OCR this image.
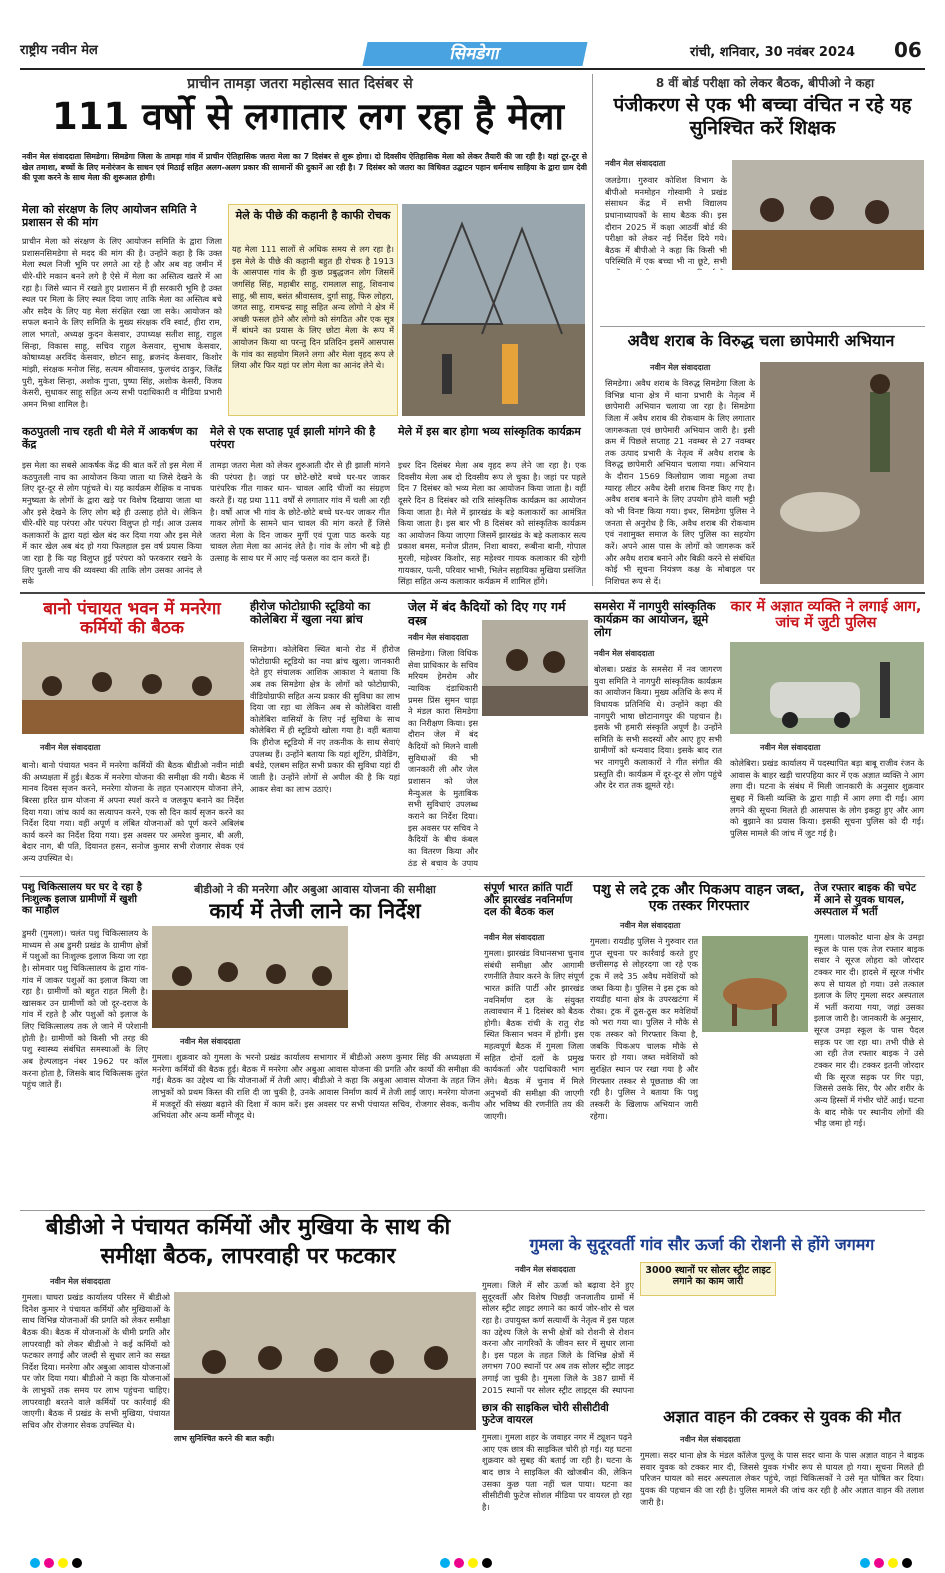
राष्ट्रीय नवीन मेल	सिमडेगा	रांची, शनिवार, 30 नवंबर 2024 06
प्राचीन तामड़ा जतरा महोत्सव सात दिसंबर से
111 वर्षो से लगातार लग रहा है मेला
नवीन मेल संवाददाता सिमडेगा। सिमडेगा जिला के तामड़ा गांव में प्राचीन ऐतिहासिक जतरा मेला का 7 दिसंबर से शुरू होगा। दो दिवसीय ऐतिहासिक मेला को लेकर तैयारी की जा रही है। यहां टूर-टूर से खेल तमाशा, बच्चों के लिए मनोरंजन के साधन एवं मिठाई सहित अलग-अलग प्रकार की सामानों की दुकानें आ रही है। 7 दिसंबर को जतरा का विधिवत उद्घाटन पहान धर्मनाथ साहिया के द्वारा ग्राम देवी की पूजा करने के साथ मेला की शुरूआत होगी।
मेला को संरक्षण के लिए आयोजन समिति ने प्रशासन से की मांग
प्राचीन मेला को संरक्षण के लिए आयोजन समिति के द्वारा जिला प्रशासनसिमडेगा से मदद की मांग की है। उन्होंने कहा है कि उक्त मेला स्थल निजी भूमि पर लगते आ रहे है और अब वह जमीन में धीरे-धीरे मकान बनने लगे है ऐसे में मेला का अस्तित्व खतरे में आ रहा है। जिसे ध्यान में रखते हुए प्रशासन में ही सरकारी भूमि है उक्त स्थल पर मिला के लिए स्थल दिया जाए ताकि मेला का अस्तित्व बचे और सदैव के लिए यह मेला संरक्षित रखा जा सके। आयोजन को सफल बनाने के लिए समिति के मुख्य संरक्षक रवि स्वार्ट, हीरा राम, लाल भगतो, अध्यक्ष कुदन केसवार, उपाध्यक्ष सतीश साहू, राहुल सिन्हा, विकास साहू, सचिव राहुल केसवार, सुभाष केसवार, कोषाध्यक्ष अरविंद केसवार, छोटन साहू, ब्रजनंद केसवार, किशोर मांझी, संरक्षक मनोज सिंह, सत्यम श्रीवास्तव, फुलचंद ठाकुर, जितेंद्र पुरी, मुकेश सिन्हा, अशोक गुप्ता, पुष्पा सिंह, अशोक केसरी, विजय केसरी, सुधाकर साहू सहित अन्य सभी पदाधिकारी व मीडिया प्रभारी अमन मिश्रा शामिल है।
मेले के पीछे की कहानी है काफी रोचक
यह मेला 111 सालों से अधिक समय से लग रहा है। इस मेले के पीछे की कहानी बहुत ही रोचक है 1913 के आसपास गांव के ही कुछ प्रबुद्धजन लोग जिसमें जगसिंह सिंह, महाबीर साहू, रामलाल साहू, शिवनाथ साहू, श्री साय, बसंत श्रीवास्तव, दुर्गा साहू, फिरु लोहरा, जगत साहू, रामचन्द्र साहू सहित अन्य लोगो ने क्षेत्र में अच्छी फसल होने और लोगो को संगठित और एक सूत्र में बांधने का प्रयास के लिए छोटा मेला के रूप में आयोजन किया था परन्तु दिन प्रतिदिन इसमें आसपास के गांव का सहयोग मिलने लगा और मेला वृहद रूप ले लिया और फिर यहां पर लोग मेला का आनंद लेने थे।
कठपुतली नाच रहती थी मेले में आकर्षण का केंद्र
इस मेला का सबसे आकर्षक केंद्र की बात करें तो इस मेला में कठपुतली नाच का आयोजन किया जाता था जिसे देखने के लिए दूर-दूर से लोग पहुंचते थे। यह कार्यक्रम शैक्षिक व नाचक मनुष्यता के लोगों के द्वारा खड़े पर विशेष दिखाया जाता था और इसे देखने के लिए लोग बड़े ही उत्साह होते थे। लेकिन धीरे-धीरे यह परंपरा और परंपरा विलुप्त हो गई। आज उत्सव कलाकारों के द्वारा यहां खेल बंद कर दिया गया और इस मेले में कार खेल अब बंद हो गया फिलहाल इस वर्ष प्रयास किया जा रहा है कि यह विलुप्त हुई परंपरा को फरकरार रखने के लिए पुतली नाच की व्यवस्था की ताकि लोग उसका आनंद ले सके
मेले से एक सप्ताह पूर्व झाली मांगने की है परंपरा
तामड़ा जतरा मेला को लेकर शुरुआती दौर से ही झाली मांगने की परंपरा है। जहां पर छोटे-छोटे बच्चे घर-घर जाकर पारंपरिक गीत गाकर धान- चावल आदि चीजों का संग्रहण करते हैं। यह प्रथा 111 वर्षों से लगातार गांव में चली आ रही है। वर्षो आज भी गांव के छोटे-छोटे बच्चे घर-घर जाकर गीत गाकर लोगों के सामने धान चावल की मांग करते हैं जिसे जतरा मेला के दिन जाकर मुर्गी एवं पूजा पाठ करके यह चावल लेता मेला का आनंद लेते है। गांव के लोग भी बड़े ही उत्साह के साथ घर में आए नई फसल का दान करते हैं।
मेले में इस बार होगा भव्य सांस्कृतिक कार्यक्रम
इधर दिन दिसंबर मेला अब वृहद रूप लेने जा रहा है। एक दिवसीय मेला अब दो दिवसीय रूप ले चुका है। जहां पर पहले दिन 7 दिसंबर को भव्य मेला का आयोजन किया जाता है। वहीं दूसरे दिन 8 दिसंबर को रात्रि सांस्कृतिक कार्यक्रम का आयोजन किया जाता है। मेले में झारखंड के बड़े कलाकारों का आमंत्रित किया जाता है। इस बार भी 8 दिसंबर को सांस्कृतिक कार्यक्रम का आयोजन किया जाएगा जिसमें झारखंड के बड़े कलाकार सत्य प्रकाश बमस, मनोज प्रीतम, निशा बावरा, रूबीना बानी, गोपाल मुरली, महेश्वर किशोर, सह महेश्वर गायक कलाकार की रहेगी गायकार, पत्नी, परिवार भाभी, भिलेन सहायिका मुखिया प्रसंजित सिंहा सहित अन्य कलाकार कर्यक्रम में शामिल होंगे।
8 वीं बोर्ड परीक्षा को लेकर बैठक, बीपीओ ने कहा
पंजीकरण से एक भी बच्चा वंचित न रहे यह सुनिश्चित करें शिक्षक
नवीन मेल संवाददाता
जलडेगा। गुरुवार कोशिश विभाग के बीपीओ मनमोहन गोस्वामी ने प्रखंड संसाधन केंद्र में सभी विद्यालय प्रधानाध्यापकों के साथ बैठक की। इस दौरान 2025 में कक्षा आठवीं बोर्ड की परीक्षा को लेकर नई निर्देश दिये गये। बैठक में बीपीओ ने कहा कि किसी भी परिस्थिति में एक बच्चा भी ना छूटे, सभी
अवैध शराब के विरुद्ध चला छापेमारी अभियान
नवीन मेल संवाददाता
सिमडेगा। अवैध शराब के विरुद्ध सिमडेगा जिला के विभिन्न थाना क्षेत्र में थाना प्रभारी के नेतृत्व में छापेमारी अभियान चलाया जा रहा है। सिमडेगा जिला में अवैध शराब की रोकथाम के लिए लगातार जागरूकता एवं छापेमारी अभियान जारी है। इसी क्रम में पिछले सप्ताह 21 नवम्बर से 27 नवम्बर तक उत्पाद प्रभारी के नेतृत्व में अवैध शराब के विरुद्ध छापेमारी अभियान चलाया गया। अभियान के दौरान 1569 किलोग्राम जावा महुआ तथा ग्यारह लीटर अवैध देसी शराब विनष्ट किए गए है। अवैध शराब बनाने के लिए उपयोग होने वाली भट्टी को भी विनष्ट किया गया। इधर, सिमडेगा पुलिस ने जनता से अनुरोध है कि, अवैध शराब की रोकथाम एवं नशामुक्त समाज के लिए पुलिस का सहयोग करें। अपने आस पास के लोगों को जागरूक करें और अवैध शराब बनाने और बिक्री करने से संबंधित कोई भी सूचना नियंत्रण कक्ष के मोबाइल पर निशिचत रूप से दें।
बानो पंचायत भवन में मनरेगा कर्मियों की बैठक
नवीन मेल संवाददाता
बानो। बानो पंचायत भवन में मनरेगा कर्मियों की बैठक बीडीओ नवीन मांडी की अध्यक्षता में हुई। बैठक में मनरेगा योजना की समीक्षा की गयी। बैठक में मानव दिवस सृजन करने, मनरेगा योजना के तहत एनआरएम योजना लेने, बिरसा हरित ग्राम योजना में अपना स्पर्श करने व जलकूप बनाने का निर्देश दिया गया। जांच कार्य का सत्यापन करने, एक सौ दिन कार्य सृजन करने का निर्देश दिया गया। वहीं अपूर्ण व लंबित योजनाओं को पूर्ण करने अबिलंब कार्य करने का निर्देश दिया गया। इस अवसर पर अमरेश कुमार, बी अली, बेदार नाग, बी पति, दियानत हसन, सनोज कुमार सभी रोजगार सेवक एवं अन्य उपस्थित थे।
हीरोज फोटोग्राफी स्टूडियो का कोलेबिरा में खुला नया ब्रांच
सिमडेगा। कोलेबिरा स्थित बानो रोड में हीरोज फोटोग्राफी स्टूडियो का नया ब्रांच खुला। जानकारी देते हुए संचालक आशिक आकाश ने बताया कि अब तक सिमडेगा क्षेत्र के लोगों को फोटोग्राफी, वीडियोग्राफी सहित अन्य प्रकार की सुविधा का लाभ दिया जा रहा था लेकिन अब से कोलेबिरा वासी कोलेबिरा वासियों के लिए नई सुविधा के साथ कोलेबिरा में ही स्टूडियो खोला गया है। वहीं बताया कि हीरोज स्टूडियो में नए तकनीक के साथ सेवाएं उपलब्ध हैं। उन्होंने बताया कि यहां शूटिंग, प्रीवेडिंग, बर्थडे, एलबम सहित सभी प्रकार की सुविधा यहां दी जाती है। उन्होंने लोगों से अपील की है कि यहां आकर सेवा का लाभ उठाएं।
जेल में बंद कैदियों को दिए गए गर्म वस्त्र
नवीन मेल संवाददाता
सिमडेगा। जिला विधिक सेवा प्राधिकार के सचिव मरियम हेमरोम और न्यायिक दंडाधिकारी प्रमस प्रिंस सुमन चाड़ा ने मंडल कारा सिमडेगा का निरीक्षण किया। इस दौरान जेल में बंद कैदियों को मिलने वाली सुविधाओं की भी जानकारी ली और जेल प्रशासन को जेल मैन्युअल के मुताबिक सभी सुविधाएं उपलब्ध कराने का निर्देश दिया। इस अवसर पर सचिव ने कैदियों के बीच कंबल का वितरण किया और ठंड से बचाव के उपाय
समसेरा में नागपुरी सांस्कृतिक कार्यक्रम का आयोजन, झूमे लोग
नवीन मेल संवाददाता
बोलबा। प्रखंड के समसेरा में नव जागरण युवा समिति ने नागपुरी सांस्कृतिक कार्यक्रम का आयोजन किया। मुख्य अतिथि के रूप में विधायक प्रतिनिधि थे। उन्होंने कहा की नागपुरी भाषा छोटानागपुर की पहचान है। इसके भी हमारी संस्कृति अपूर्ण है। उन्होंने समिति के सभी सदस्यों और आए हुए सभी ग्रामीणों को धन्यवाद दिया। इसके बाद रात भर नागपुरी कलाकारों ने गीत संगीत की प्रस्तुति दी। कार्यक्रम में दूर-दूर से लोग पहुंचे और देर रात तक झूमते रहे।
कार में अज्ञात व्यक्ति ने लगाई आग, जांच में जुटी पुलिस
नवीन मेल संवाददाता
कोलेबिरा। प्रखंड कार्यालय में पदस्थापित बड़ा बाबू राजीव रंजन के आवास के बाहर खड़ी चारपहिया कार में एक अज्ञात व्यक्ति ने आग लगा दी। घटना के संबंध में मिली जानकारी के अनुसार शुक्रवार सुबह में किसी व्यक्ति के द्वारा गाड़ी में आग लगा दी गई। आग लगने की सूचना मिलते ही आसपास के लोग इकट्ठा हुए और आग को बुझाने का प्रयास किया। इसकी सूचना पुलिस को दी गई। पुलिस मामले की जांच में जुट गई है।
पशु चिकित्सालय घर घर दे रहा है निःशुल्क इलाज ग्रामीणों में खुशी का माहौल
डुमरी (गुमला)। चलंत पशु चिकित्सालय के माध्यम से अब डुमरी प्रखंड के ग्रामीण क्षेत्रों में पशुओं का निःशुल्क इलाज किया जा रहा है। सोमवार पशु चिकित्सालय के द्वारा गांव-गांव में जाकर पशुओं का इलाज किया जा रहा है। ग्रामीणों को बहुत राहत मिली है। खासकर उन ग्रामीणों को जो दूर-दराज के गांव में रहते है और पशुओं को इलाज के लिए चिकित्सालय तक ले जाने में परेशानी होती है। ग्रामीणों को किसी भी तरह की पशु स्वास्थ्य संबंधित समस्याओं के लिए अब हेल्पलाइन नंबर 1962 पर कॉल करना होता है, जिसके बाद चिकित्सक तुरंत पहुंच जाते हैं।
बीडीओ ने की मनरेगा और अबुआ आवास योजना की समीक्षा
कार्य में तेजी लाने का निर्देश
नवीन मेल संवाददाता
गुमला। शुक्रवार को गुमला के भरनो प्रखंड कार्यालय सभागार में बीडीओ अरुण कुमार सिंह की अध्यक्षता में मनरेगा कर्मियों की बैठक हुई। बैठक में मनरेगा और अबुआ आवास योजना की प्रगति और कार्यो की समीक्षा की गई। बैठक का उद्देश्य था कि योजनाओं में तेजी आए। बीडीओ ने कहा कि अबुआ आवास योजना के तहत जिन लाभुकों को प्रथम किस्त की राशि दी जा चुकी है, उनके आवास निर्माण कार्य में तेजी लाई जाए। मनरेगा योजना में मजदूरों की संख्या बढ़ाने की दिशा में काम करें। इस अवसर पर सभी पंचायत सचिव, रोजगार सेवक, कनीय अभियंता और अन्य कर्मी मौजूद थे।
संपूर्ण भारत क्रांति पार्टी और झारखंड नवनिर्माण दल की बैठक कल
नवीन मेल संवाददाता
गुमला। झारखंड विधानसभा चुनाव संबंधी समीक्षा और आगामी रणनीति तैयार करने के लिए संपूर्ण भारत क्रांति पार्टी और झारखंड नवनिर्माण दल के संयुक्त तत्वावधान में 1 दिसंबर को बैठक होगी। बैठक रांची के रातु रोड स्थित किसान भवन में होगी। इस महत्वपूर्ण बैठक में गुमला जिला सहित दोनों दलों के प्रमुख कार्यकर्ता और पदाधिकारी भाग लेंगे। बैठक में चुनाव में मिले अनुभवों की समीक्षा की जाएगी और भविष्य की रणनीति तय की जाएगी।
पशु से लदे ट्रक और पिकअप वाहन जब्त, एक तस्कर गिरफ्तार
नवीन मेल संवाददाता
गुमला। रायडीह पुलिस ने गुरुवार रात गुप्त सूचना पर कार्रवाई करते हुए छत्तीसगढ़ से लोहरदगा जा रहे एक ट्रक में लदे 35 अवैध मवेशियों को जब्त किया है। पुलिस ने इस ट्रक को रायडीह थाना क्षेत्र के उपरखटंगा में रोका। ट्रक में ठूस-ठूस कर मवेशियों को भरा गया था। पुलिस ने मौके से एक तस्कर को गिरफ्तार किया है, जबकि पिकअप चालक मौके से फरार हो गया। जब्त मवेशियों को सुरक्षित स्थान पर रखा गया है और गिरफ्तार तस्कर से पूछताछ की जा रही है। पुलिस ने बताया कि पशु तस्करी के खिलाफ अभियान जारी रहेगा।
तेज रफ्तार बाइक की चपेट में आने से युवक घायल, अस्पताल में भर्ती
गुमला। पालकोट थाना क्षेत्र के उमड़ा स्कूल के पास एक तेज रफ्तार बाइक सवार ने सूरज लोहरा को जोरदार टक्कर मार दी। हादसे में सूरज गंभीर रूप से घायल हो गया। उसे तत्काल इलाज के लिए गुमला सदर अस्पताल में भर्ती कराया गया, जहां उसका इलाज जारी है। जानकारी के अनुसार, सूरज उमड़ा स्कूल के पास पैदल सड़क पर जा रहा था। तभी पीछे से आ रही तेज रफ्तार बाइक ने उसे टक्कर मार दी। टक्कर इतनी जोरदार थी कि सूरज सड़क पर गिर पड़ा, जिससे उसके सिर, पैर और शरीर के अन्य हिस्सों में गंभीर चोटें आई। घटना के बाद मौके पर स्थानीय लोगों की भीड़ जमा हो गई।
बीडीओ ने पंचायत कर्मियों और मुखिया के साथ की समीक्षा बैठक, लापरवाही पर फटकार
नवीन मेल संवाददाता
गुमला। घाघरा प्रखंड कार्यालय परिसर में बीडीओ दिनेश कुमार ने पंचायत कर्मियों और मुखियाओं के साथ विभिन्न योजनाओं की प्रगति को लेकर समीक्षा बैठक की। बैठक में योजनाओं के धीमी प्रगति और लापरवाही को लेकर बीडीओ ने कई कर्मियों को फटकार लगाई और जल्दी से सुधार लाने का सख्त निर्देश दिया। मनरेगा और अबुआ आवास योजनाओं पर जोर दिया गया। बीडीओ ने कहा कि योजनाओं के लाभुकों तक समय पर लाभ पहुंचना चाहिए। लापरवाही बरतने वाले कर्मियों पर कार्रवाई की जाएगी। बैठक में प्रखंड के सभी मुखिया, पंचायत सचिव और रोजगार सेवक उपस्थित थे।
लाभ सुनिश्चित करने की बात कही।
गुमला के सुदूरवर्ती गांव सौर ऊर्जा की रोशनी से होंगे जगमग
नवीन मेल संवाददाता	3000 स्थानों पर सोलर स्ट्रीट लाइट लगाने का काम जारी
गुमला। जिले में सौर ऊर्जा को बढ़ावा देने हुए सुदूरवर्ती और विशेष पिछड़ी जनजातीय ग्रामों में सोलर स्ट्रीट लाइट लगाने का कार्य जोर-शोर से चल रहा है। उपायुक्त कर्ण सत्यार्थी के नेतृत्व में इस पहल का उद्देश्य जिले के सभी क्षेत्रों को रोशनी से रोशन करना और नागरिकों के जीवन स्तर में सुधार लाना है। इस पहल के तहत जिले के विभिन्न क्षेत्रों में लगभग 700 स्थानों पर अब तक सोलर स्ट्रीट लाइट लगाई जा चुकी है। गुमला जिले के 387 ग्रामों में 2015 स्थानों पर सोलर स्ट्रीट लाइट्स की स्थापना
छात्र की साइकिल चोरी सीसीटीवी फुटेज वायरल
गुमला। गुमला शहर के जवाहर नगर में ट्यूशन पढ़ने आए एक छात्र की साइकिल चोरी हो गई। यह घटना शुक्रवार को सुबह की बताई जा रही है। घटना के बाद छात्र ने साइकिल की खोजबीन की, लेकिन उसका कुछ पता नहीं चल पाया। घटना का सीसीटीवी फुटेज सोशल मीडिया पर वायरल हो रहा है।
अज्ञात वाहन की टक्कर से युवक की मौत
नवीन मेल संवाददाता
गुमला। सदर थाना क्षेत्र के मंडल कॉलेज पुल्लू के पास सदर थाना के पास अज्ञात वाहन ने बाइक सवार युवक को टक्कर मार दी, जिससे युवक गंभीर रूप से घायल हो गया। सूचना मिलते ही परिजन घायल को सदर अस्पताल लेकर पहुंचे, जहां चिकित्सकों ने उसे मृत घोषित कर दिया। युवक की पहचान की जा रही है। पुलिस मामले की जांच कर रही है और अज्ञात वाहन की तलाश जारी है।
